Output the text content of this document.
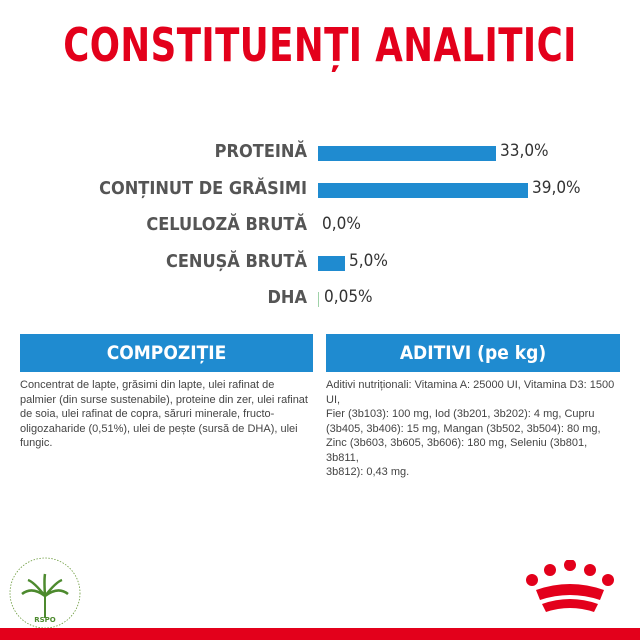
CONSTITUENȚI ANALITICI
PROTEINĂ	33,0%
CONȚINUT DE GRĂSIMI	39,0%
CELULOZĂ BRUTĂ 0,0%
CENUȘĂ BRUTĂ 5,0%
DHA 0,05%
COMPOZIȚIE
Concentrat de lapte, grăsimi din lapte, ulei rafinat de
palmier (din surse sustenabile), proteine din zer, ulei rafinat
de soia, ulei rafinat de copra, săruri minerale, fructo-
oligozaharide (0,51%), ulei de pește (sursă de DHA), ulei
fungic.
ADITIVI (pe kg)
Aditivi nutriționali: Vitamina A: 25000 UI, Vitamina D3: 1500 UI,
Fier (3b103): 100 mg, Iod (3b201, 3b202): 4 mg, Cupru
(3b405, 3b406): 15 mg, Mangan (3b502, 3b504): 80 mg,
Zinc (3b603, 3b605, 3b606): 180 mg, Seleniu (3b801, 3b811,
3b812): 0,43 mg.
RSPO
